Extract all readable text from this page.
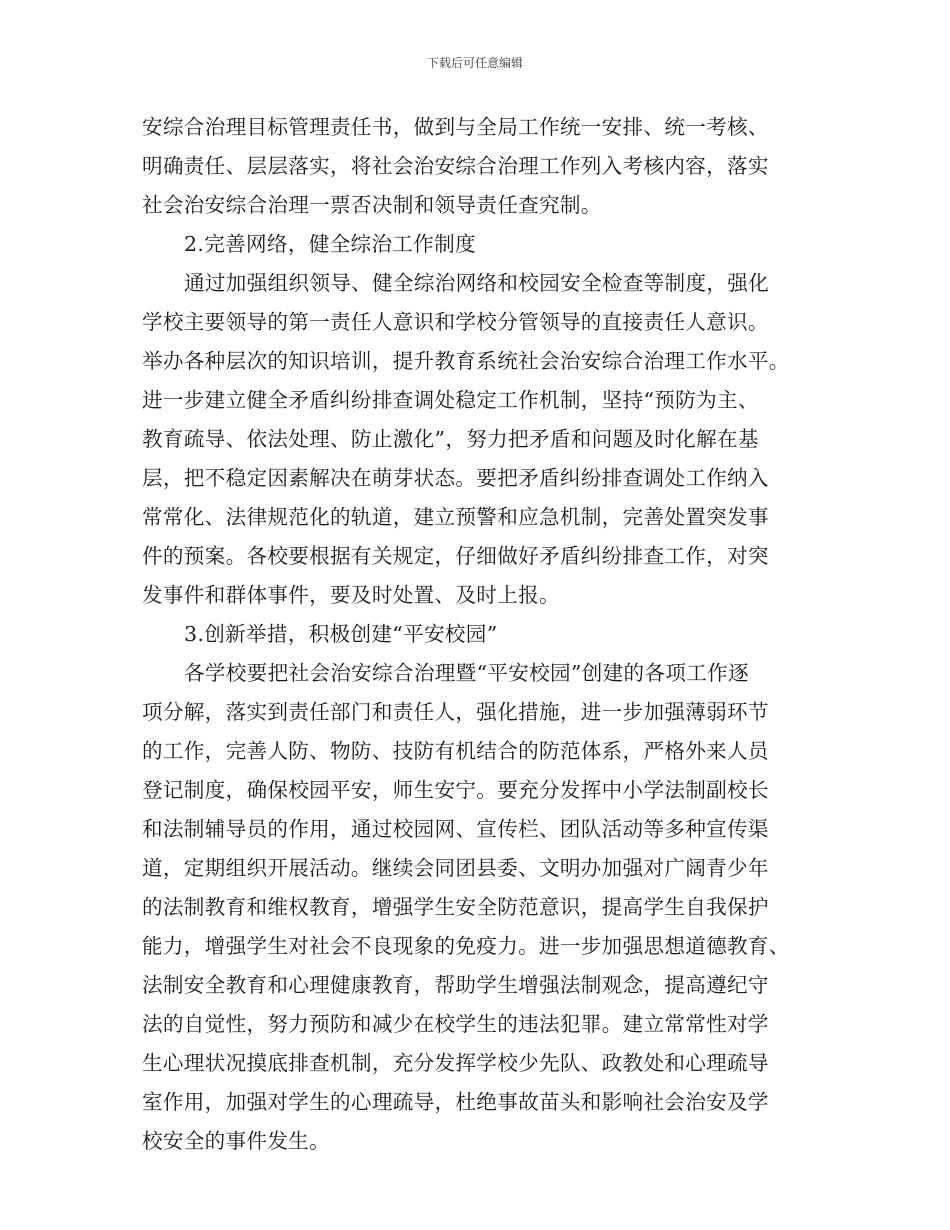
下载后可任意编辑
安综合治理目标管理责任书，做到与全局工作统一安排、统一考核、
明确责任、层层落实，将社会治安综合治理工作列入考核内容，落实
社会治安综合治理一票否决制和领导责任查究制。
2.完善网络，健全综治工作制度
通过加强组织领导、健全综治网络和校园安全检查等制度，强化
学校主要领导的第一责任人意识和学校分管领导的直接责任人意识。
举办各种层次的知识培训，提升教育系统社会治安综合治理工作水平。
进一步建立健全矛盾纠纷排查调处稳定工作机制，坚持“预防为主、
教育疏导、依法处理、防止激化”，努力把矛盾和问题及时化解在基
层，把不稳定因素解决在萌芽状态。要把矛盾纠纷排查调处工作纳入
常常化、法律规范化的轨道，建立预警和应急机制，完善处置突发事
件的预案。各校要根据有关规定，仔细做好矛盾纠纷排查工作，对突
发事件和群体事件，要及时处置、及时上报。
3.创新举措，积极创建“平安校园”
各学校要把社会治安综合治理暨“平安校园”创建的各项工作逐
项分解，落实到责任部门和责任人，强化措施，进一步加强薄弱环节
的工作，完善人防、物防、技防有机结合的防范体系，严格外来人员
登记制度，确保校园平安，师生安宁。要充分发挥中小学法制副校长
和法制辅导员的作用，通过校园网、宣传栏、团队活动等多种宣传渠
道，定期组织开展活动。继续会同团县委、文明办加强对广阔青少年
的法制教育和维权教育，增强学生安全防范意识，提高学生自我保护
能力，增强学生对社会不良现象的免疫力。进一步加强思想道德教育、
法制安全教育和心理健康教育，帮助学生增强法制观念，提高遵纪守
法的自觉性，努力预防和减少在校学生的违法犯罪。建立常常性对学
生心理状况摸底排查机制，充分发挥学校少先队、政教处和心理疏导
室作用，加强对学生的心理疏导，杜绝事故苗头和影响社会治安及学
校安全的事件发生。
